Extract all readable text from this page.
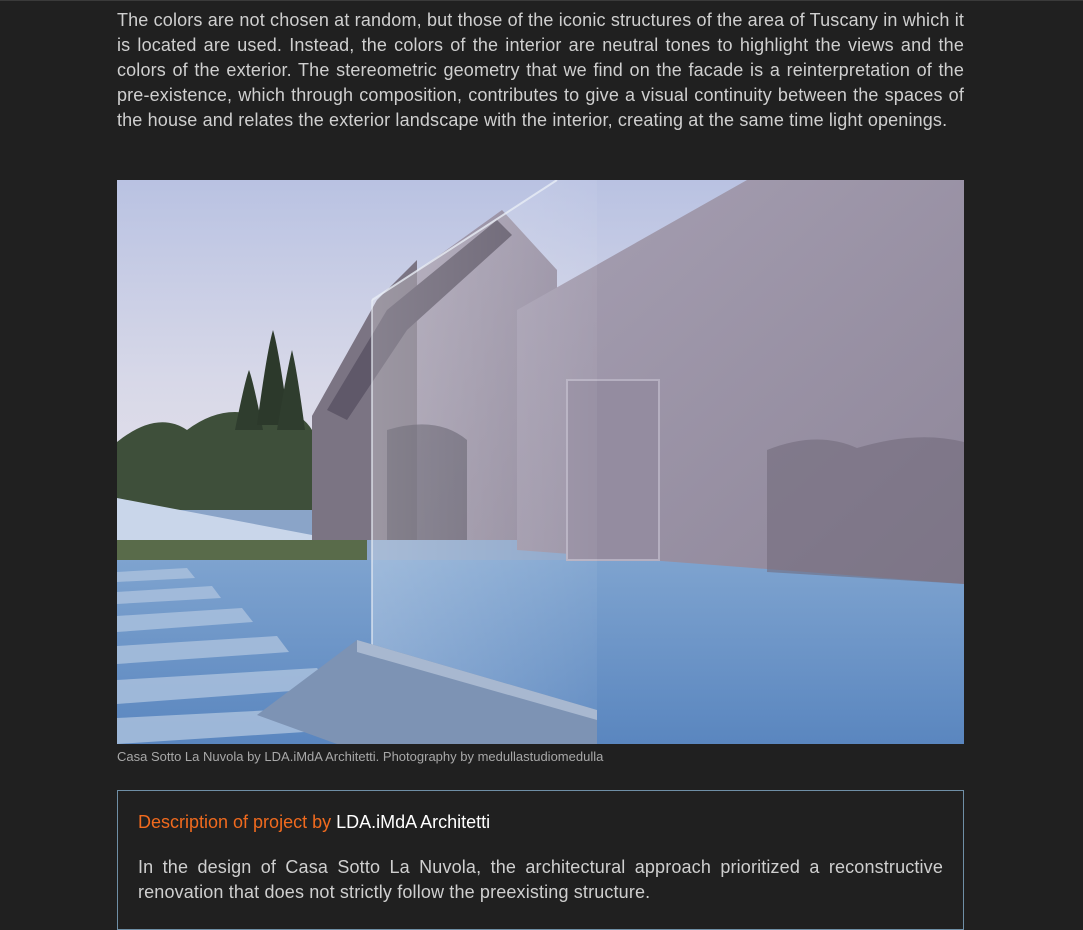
The colors are not chosen at random, but those of the iconic structures of the area of Tuscany in which it is located are used. Instead, the colors of the interior are neutral tones to highlight the views and the colors of the exterior. The stereometric geometry that we find on the facade is a reinterpretation of the pre-existence, which through composition, contributes to give a visual continuity between the spaces of the house and relates the exterior landscape with the interior, creating at the same time light openings.

Casa Sotto La Nuvola by LDA.iMdA Architetti. Photography by medullastudiomedulla
Description of project by LDA.iMdA Architetti

In the design of Casa Sotto La Nuvola, the architectural approach prioritized a reconstructive renovation that does not strictly follow the preexisting structure.
